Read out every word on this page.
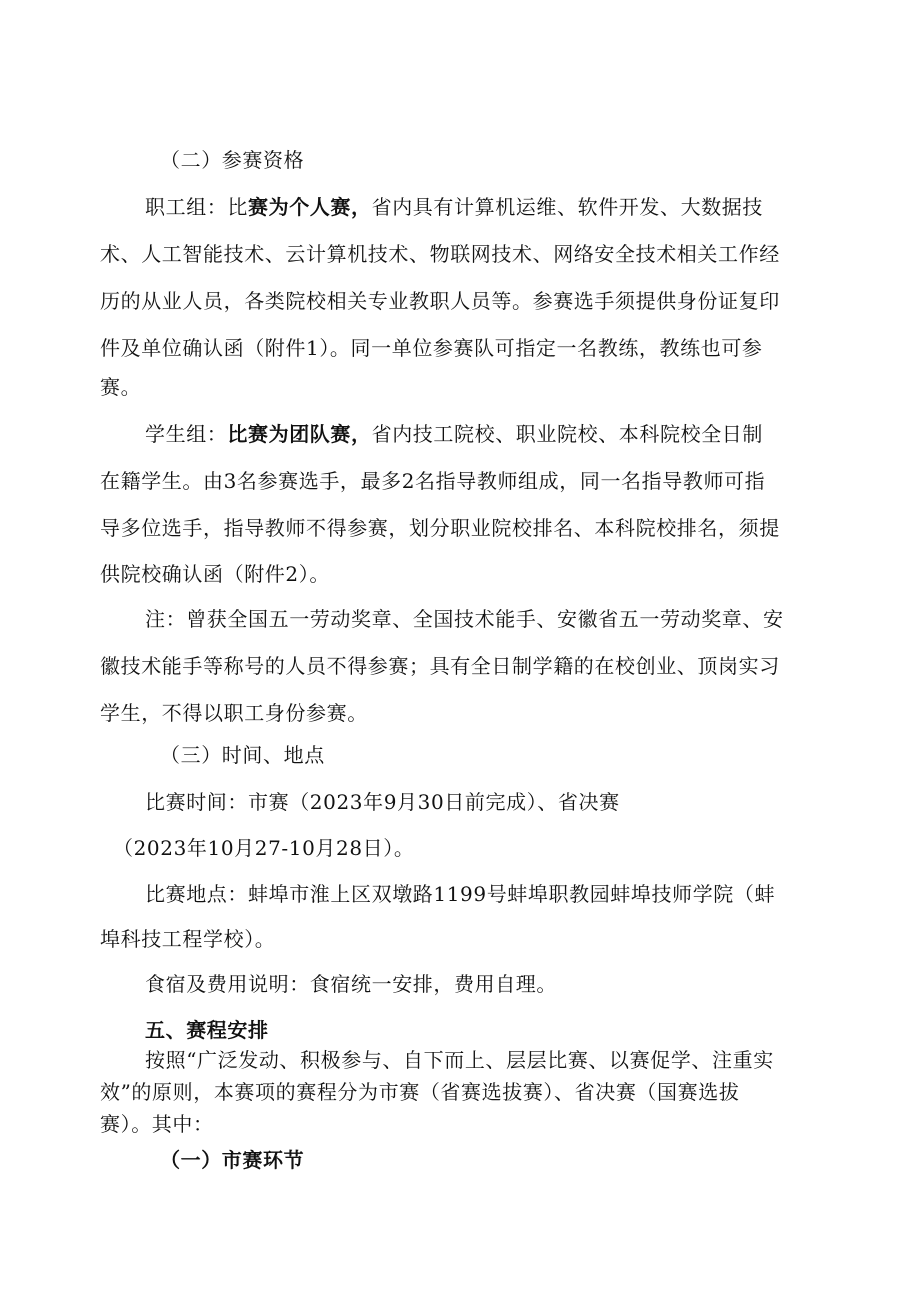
（二）参赛资格
职工组：比赛为个人赛，省内具有计算机运维、软件开发、大数据技
术、人工智能技术、云计算机技术、物联网技术、网络安全技术相关工作经
历的从业人员，各类院校相关专业教职人员等。参赛选手须提供身份证复印
件及单位确认函（附件1）。同一单位参赛队可指定一名教练，教练也可参
赛。
学生组：比赛为团队赛，省内技工院校、职业院校、本科院校全日制
在籍学生。由3名参赛选手，最多2名指导教师组成，同一名指导教师可指
导多位选手，指导教师不得参赛，划分职业院校排名、本科院校排名，须提
供院校确认函（附件2）。
注：曾获全国五一劳动奖章、全国技术能手、安徽省五一劳动奖章、安
徽技术能手等称号的人员不得参赛；具有全日制学籍的在校创业、顶岗实习
学生，不得以职工身份参赛。
（三）时间、地点
比赛时间：市赛（2023年9月30日前完成）、省决赛
（2023年10月27-10月28日）。
比赛地点：蚌埠市淮上区双墩路1199号蚌埠职教园蚌埠技师学院（蚌
埠科技工程学校）。
食宿及费用说明：食宿统一安排，费用自理。
五、赛程安排
按照“广泛发动、积极参与、自下而上、层层比赛、以赛促学、注重实
效”的原则，本赛项的赛程分为市赛（省赛选拔赛）、省决赛（国赛选拔
赛）。其中：
（一）市赛环节
